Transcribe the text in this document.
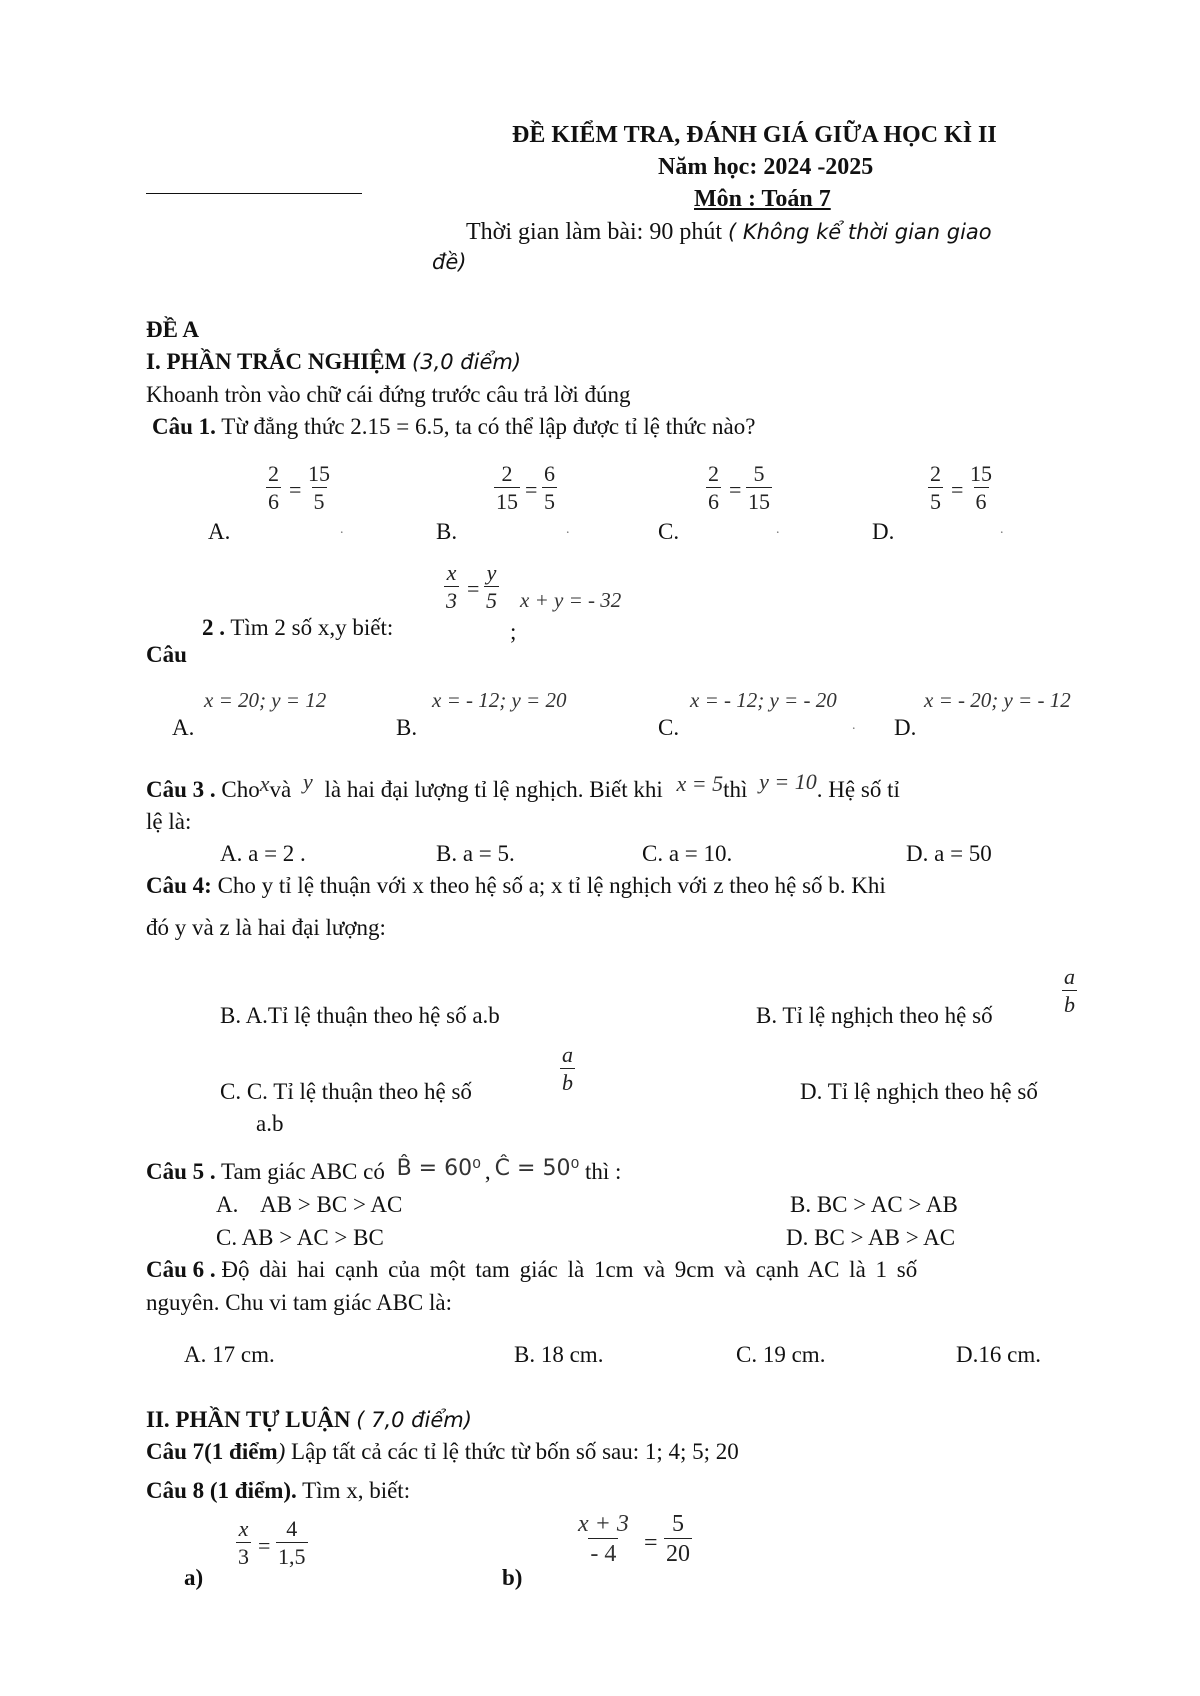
ĐỀ KIỂM TRA, ĐÁNH GIÁ GIỮA HỌC KÌ II
Năm học: 2024 -2025
Môn : Toán 7
Thời gian làm bài: 90 phút ( Không kể thời gian giao
đề)
ĐỀ A
I. PHẦN TRẮC NGHIỆM (3,0 điểm)
Khoanh tròn vào chữ cái đứng trước câu trả lời đúng
Câu 1. Từ đẳng thức 2.15 = 6.5, ta có thể lập được tỉ lệ thức nào?
A.
$\frac{2}{6} = \frac{15}{5}$
.	B.
$\frac{2}{15} = \frac{6}{5}$
.	C.
$\frac{2}{6} = \frac{5}{15}$
.	D.
$\frac{2}{5} = \frac{15}{6}$
.
$\frac{x}{3} = \frac{y}{5}$ x + y = - 32
2 . Tìm 2 số x,y biết:	;
Câu
x = 20; y = 12
A.
x = - 12; y = 20
B.
x = - 12; y = - 20
C.	.
x = - 20; y = - 12
D.
Câu 3 . Choxvà y là hai đại lượng tỉ lệ nghịch. Biết khi x = 5thì y = 10. Hệ số tỉ
lệ là:
A. a = 2 .	B. a = 5.	C. a = 10.	D. a = 50
Câu 4: Cho y tỉ lệ thuận với x theo hệ số a; x tỉ lệ nghịch với z theo hệ số b. Khi
đó y và z là hai đại lượng:
B. A.Tỉ lệ thuận theo hệ số a.b	B. Tỉ lệ nghịch theo hệ số	$\frac{a}{b}$
C. C. Tỉ lệ thuận theo hệ số	$\frac{a}{b}$	D. Tỉ lệ nghịch theo hệ số
a.b
Câu 5 . Tam giác ABC có B̂ = 60⁰ , Ĉ = 50⁰ thì :
A.    AB > BC > AC	B. BC > AC > AB
C. AB > AC > BC	D. BC > AB > AC
Câu 6 . Độ dài hai cạnh của một tam giác là 1cm và 9cm và cạnh AC là 1 số
nguyên. Chu vi tam giác ABC là:
A. 17 cm.	B. 18 cm.	C. 19 cm.	D.16 cm.
II. PHẦN TỰ LUẬN ( 7,0 điểm)
Câu 7(1 điểm) Lập tất cả các tỉ lệ thức từ bốn số sau: 1; 4; 5; 20
Câu 8 (1 điểm). Tìm x, biết:
a)
$\frac{x}{3} = \frac{4}{1,5}$
b)
$\frac{x + 3}{- 4} = \frac{5}{20}$
